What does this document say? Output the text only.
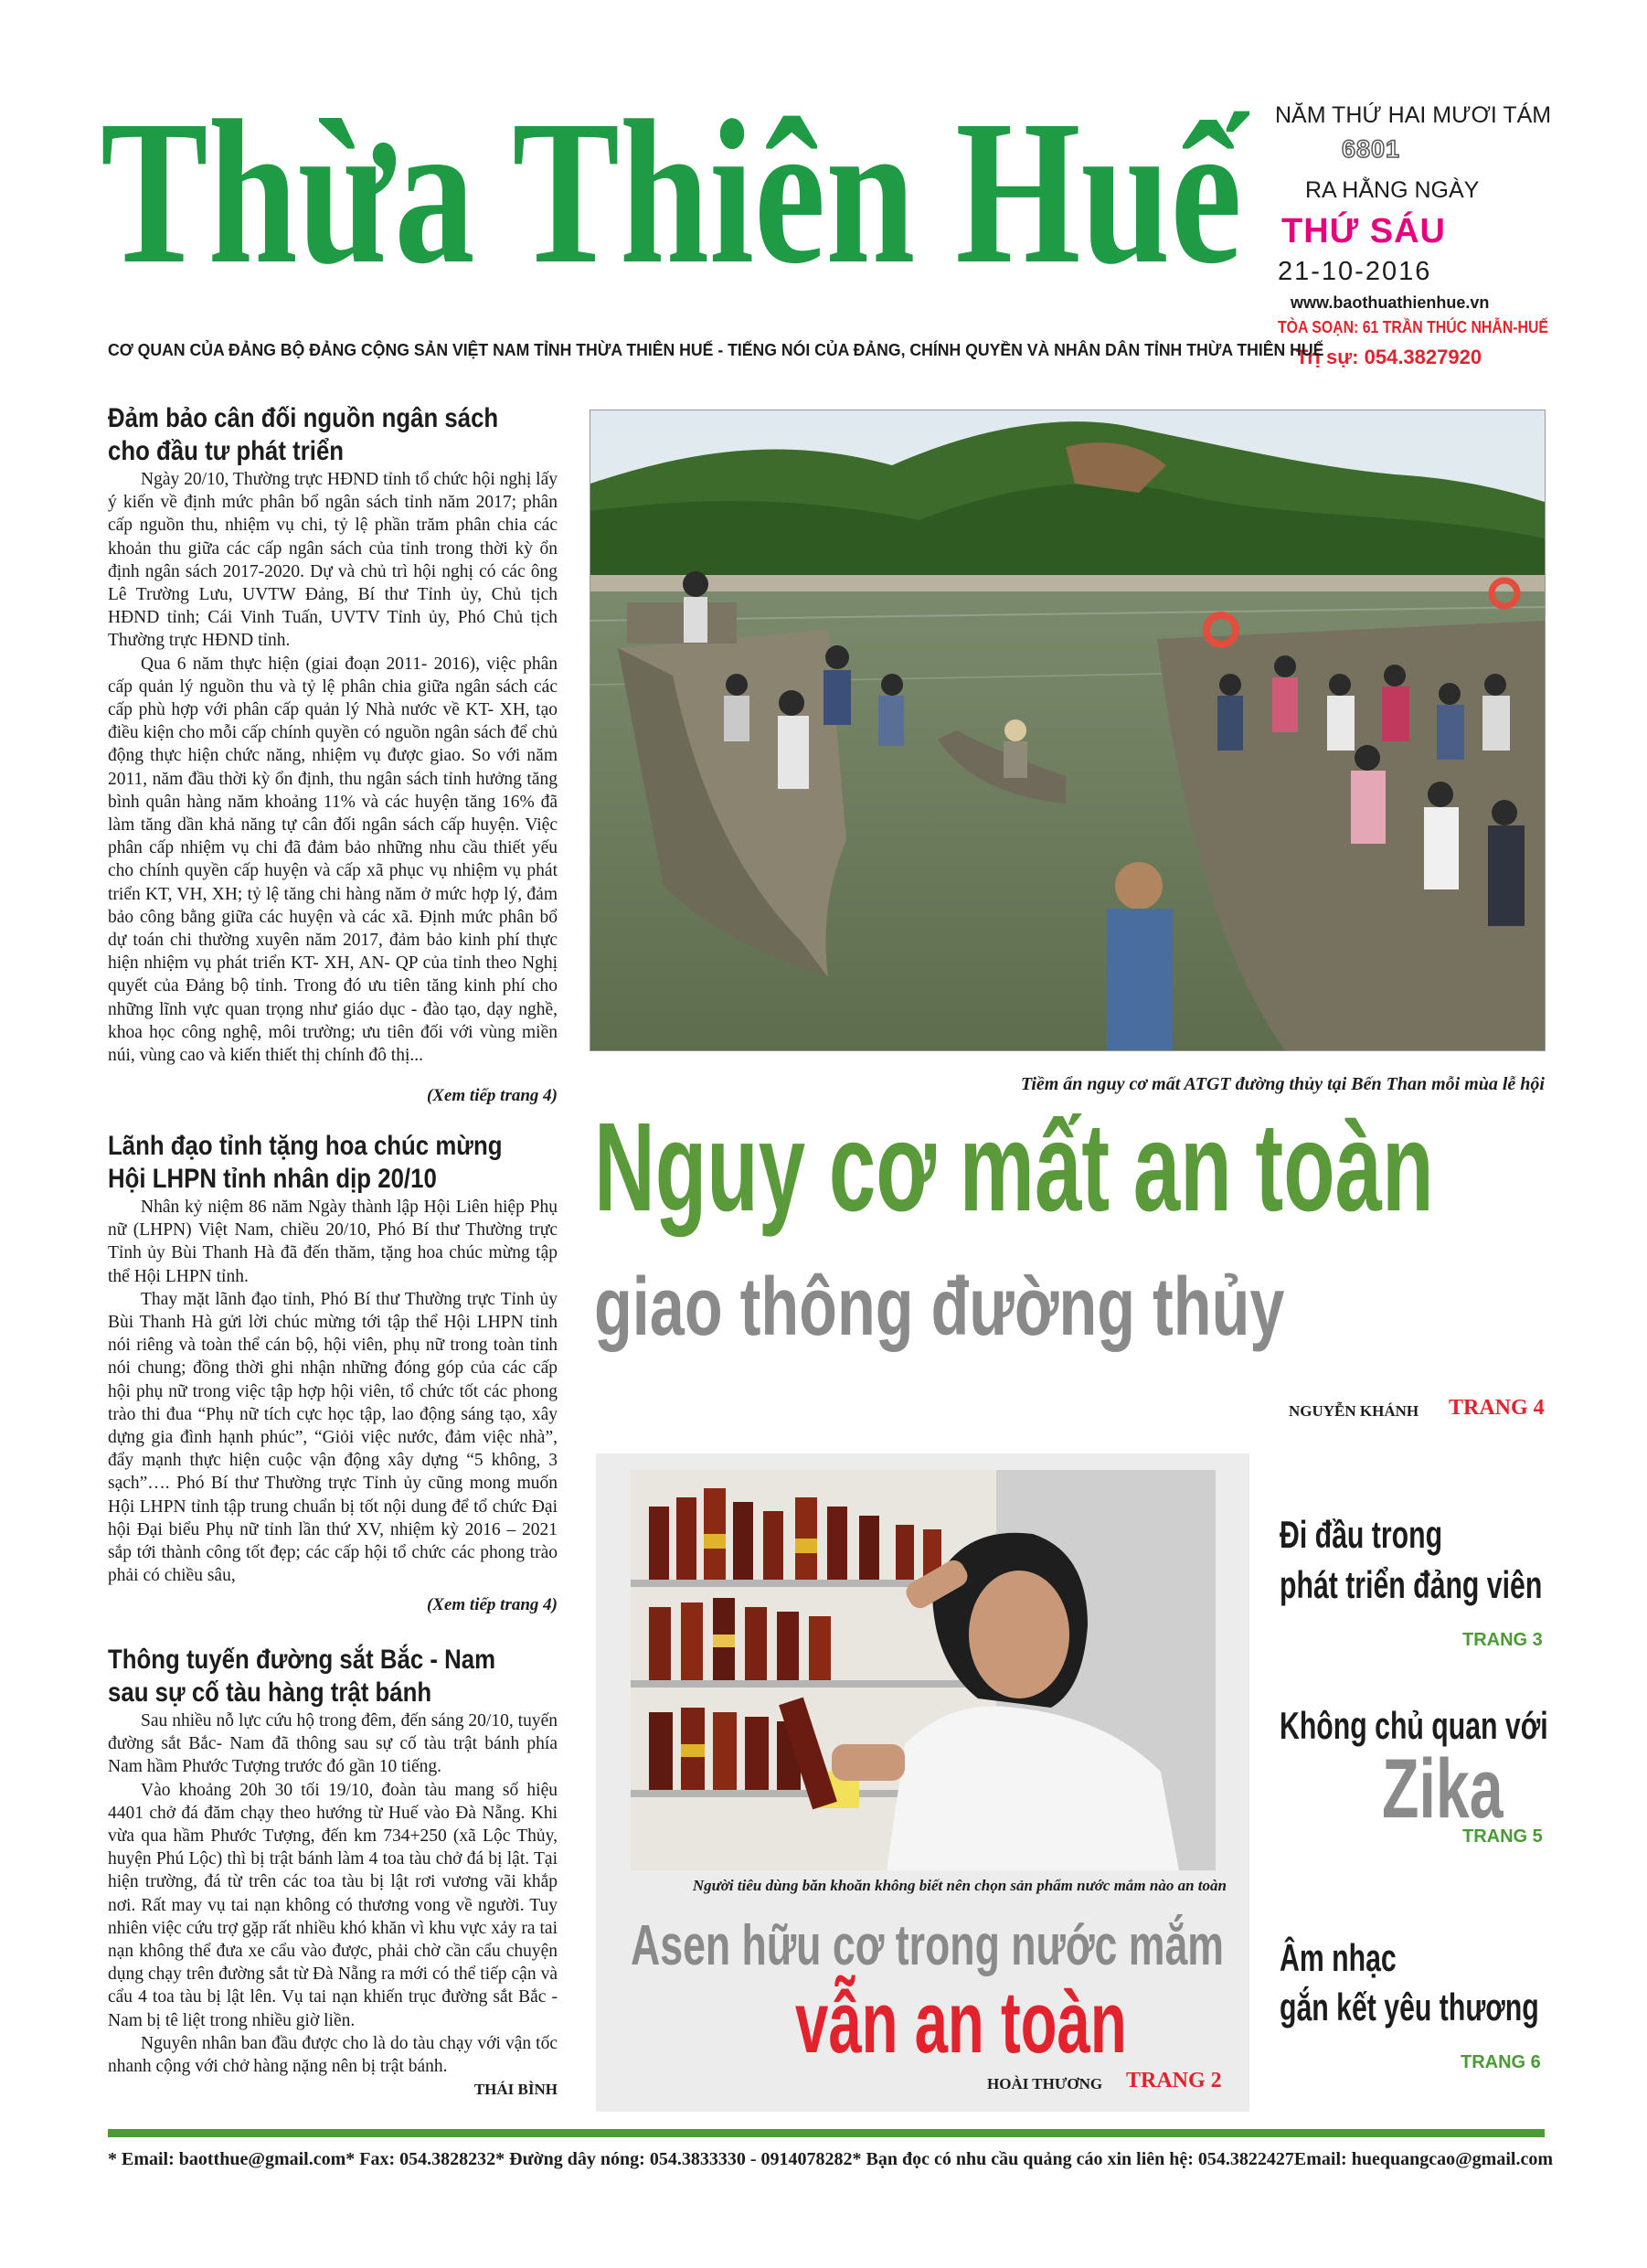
Thừa Thiên Huế NĂM THỨ HAI MƯƠI TÁM
6801
RA HẰNG NGÀY
THỨ SÁU
21-10-2016
www.baothuathienhue.vn
TÒA SOẠN: 61 TRẦN THÚC NHẪN-HUẾ
Trị sự: 054.3827920
CƠ QUAN CỦA ĐẢNG BỘ ĐẢNG CỘNG SẢN VIỆT NAM TỈNH THỪA THIÊN HUẾ - TIẾNG NÓI CỦA ĐẢNG, CHÍNH QUYỀN VÀ NHÂN DÂN TỈNH THỪA THIÊN HUẾ
Đảm bảo cân đối nguồn ngân sách
cho đầu tư phát triển

Ngày 20/10, Thường trực HĐND tỉnh tổ chức hội nghị lấy ý kiến về định mức phân bổ ngân sách tỉnh năm 2017; phân cấp nguồn thu, nhiệm vụ chi, tỷ lệ phần trăm phân chia các khoản thu giữa các cấp ngân sách của tỉnh trong thời kỳ ổn định ngân sách 2017-2020. Dự và chủ trì hội nghị có các ông Lê Trường Lưu, UVTW Đảng, Bí thư Tỉnh ủy, Chủ tịch HĐND tỉnh; Cái Vinh Tuấn, UVTV Tỉnh ủy, Phó Chủ tịch Thường trực HĐND tỉnh.

Qua 6 năm thực hiện (giai đoạn 2011- 2016), việc phân cấp quản lý nguồn thu và tỷ lệ phân chia giữa ngân sách các cấp phù hợp với phân cấp quản lý Nhà nước về KT- XH, tạo điều kiện cho mỗi cấp chính quyền có nguồn ngân sách để chủ động thực hiện chức năng, nhiệm vụ được giao. So với năm 2011, năm đầu thời kỳ ổn định, thu ngân sách tỉnh hưởng tăng bình quân hàng năm khoảng 11% và các huyện tăng 16% đã làm tăng dần khả năng tự cân đối ngân sách cấp huyện. Việc phân cấp nhiệm vụ chi đã đảm bảo những nhu cầu thiết yếu cho chính quyền cấp huyện và cấp xã phục vụ nhiệm vụ phát triển KT, VH, XH; tỷ lệ tăng chi hàng năm ở mức hợp lý, đảm bảo công bằng giữa các huyện và các xã. Định mức phân bổ dự toán chi thường xuyên năm 2017, đảm bảo kinh phí thực hiện nhiệm vụ phát triển KT- XH, AN- QP của tỉnh theo Nghị quyết của Đảng bộ tỉnh. Trong đó ưu tiên tăng kinh phí cho những lĩnh vực quan trọng như giáo dục - đào tạo, dạy nghề, khoa học công nghệ, môi trường; ưu tiên đối với vùng miền núi, vùng cao và kiến thiết thị chính đô thị...

(Xem tiếp trang 4)
Lãnh đạo tỉnh tặng hoa chúc mừng
Hội LHPN tỉnh nhân dịp 20/10

Nhân kỷ niệm 86 năm Ngày thành lập Hội Liên hiệp Phụ nữ (LHPN) Việt Nam, chiều 20/10, Phó Bí thư Thường trực Tỉnh ủy Bùi Thanh Hà đã đến thăm, tặng hoa chúc mừng tập thể Hội LHPN tỉnh.

Thay mặt lãnh đạo tỉnh, Phó Bí thư Thường trực Tỉnh ủy Bùi Thanh Hà gửi lời chúc mừng tới tập thể Hội LHPN tỉnh nói riêng và toàn thể cán bộ, hội viên, phụ nữ trong toàn tỉnh nói chung; đồng thời ghi nhận những đóng góp của các cấp hội phụ nữ trong việc tập hợp hội viên, tổ chức tốt các phong trào thi đua “Phụ nữ tích cực học tập, lao động sáng tạo, xây dựng gia đình hạnh phúc”, “Giỏi việc nước, đảm việc nhà”, đẩy mạnh thực hiện cuộc vận động xây dựng “5 không, 3 sạch”…. Phó Bí thư Thường trực Tỉnh ủy cũng mong muốn Hội LHPN tỉnh tập trung chuẩn bị tốt nội dung để tổ chức Đại hội Đại biểu Phụ nữ tỉnh lần thứ XV, nhiệm kỳ 2016 – 2021 sắp tới thành công tốt đẹp; các cấp hội tổ chức các phong trào phải có chiều sâu,

(Xem tiếp trang 4)
Thông tuyến đường sắt Bắc - Nam
sau sự cố tàu hàng trật bánh

Sau nhiều nỗ lực cứu hộ trong đêm, đến sáng 20/10, tuyến đường sắt Bắc- Nam đã thông sau sự cố tàu trật bánh phía Nam hầm Phước Tượng trước đó gần 10 tiếng.

Vào khoảng 20h 30 tối 19/10, đoàn tàu mang số hiệu 4401 chở đá đăm chạy theo hướng từ Huế vào Đà Nẵng. Khi vừa qua hầm Phước Tượng, đến km 734+250 (xã Lộc Thủy, huyện Phú Lộc) thì bị trật bánh làm 4 toa tàu chở đá bị lật. Tại hiện trường, đá từ trên các toa tàu bị lật rơi vương vãi khắp nơi. Rất may vụ tai nạn không có thương vong về người. Tuy nhiên việc cứu trợ gặp rất nhiều khó khăn vì khu vực xảy ra tai nạn không thể đưa xe cẩu vào được, phải chờ cần cẩu chuyện dụng chạy trên đường sắt từ Đà Nẵng ra mới có thể tiếp cận và cẩu 4 toa tàu bị lật lên. Vụ tai nạn khiến trục đường sắt Bắc - Nam bị tê liệt trong nhiều giờ liền.

Nguyên nhân ban đầu được cho là do tàu chạy với vận tốc nhanh cộng với chở hàng nặng nên bị trật bánh.

THÁI BÌNH
Tiềm ẩn nguy cơ mất ATGT đường thủy tại Bến Than mỗi mùa lễ hội
Nguy cơ mất an toàn
giao thông đường thủy
NGUYỄN KHÁNH TRANG 4
Người tiêu dùng băn khoăn không biết nên chọn sản phẩm nước mắm nào an toàn
Asen hữu cơ trong nước mắm
vẫn an toàn
HOÀI THƯƠNG TRANG 2
Đi đầu trong
phát triển đảng viên
TRANG 3
Không chủ quan với
Zika
TRANG 5
Âm nhạc
gắn kết yêu thương
TRANG 6
* Email: baotthue@gmail.com * Fax: 054.3828232 * Đường dây nóng: 054.3833330 - 0914078282 * Bạn đọc có nhu cầu quảng cáo xin liên hệ: 054.3822427 Email: huequangcao@gmail.com
